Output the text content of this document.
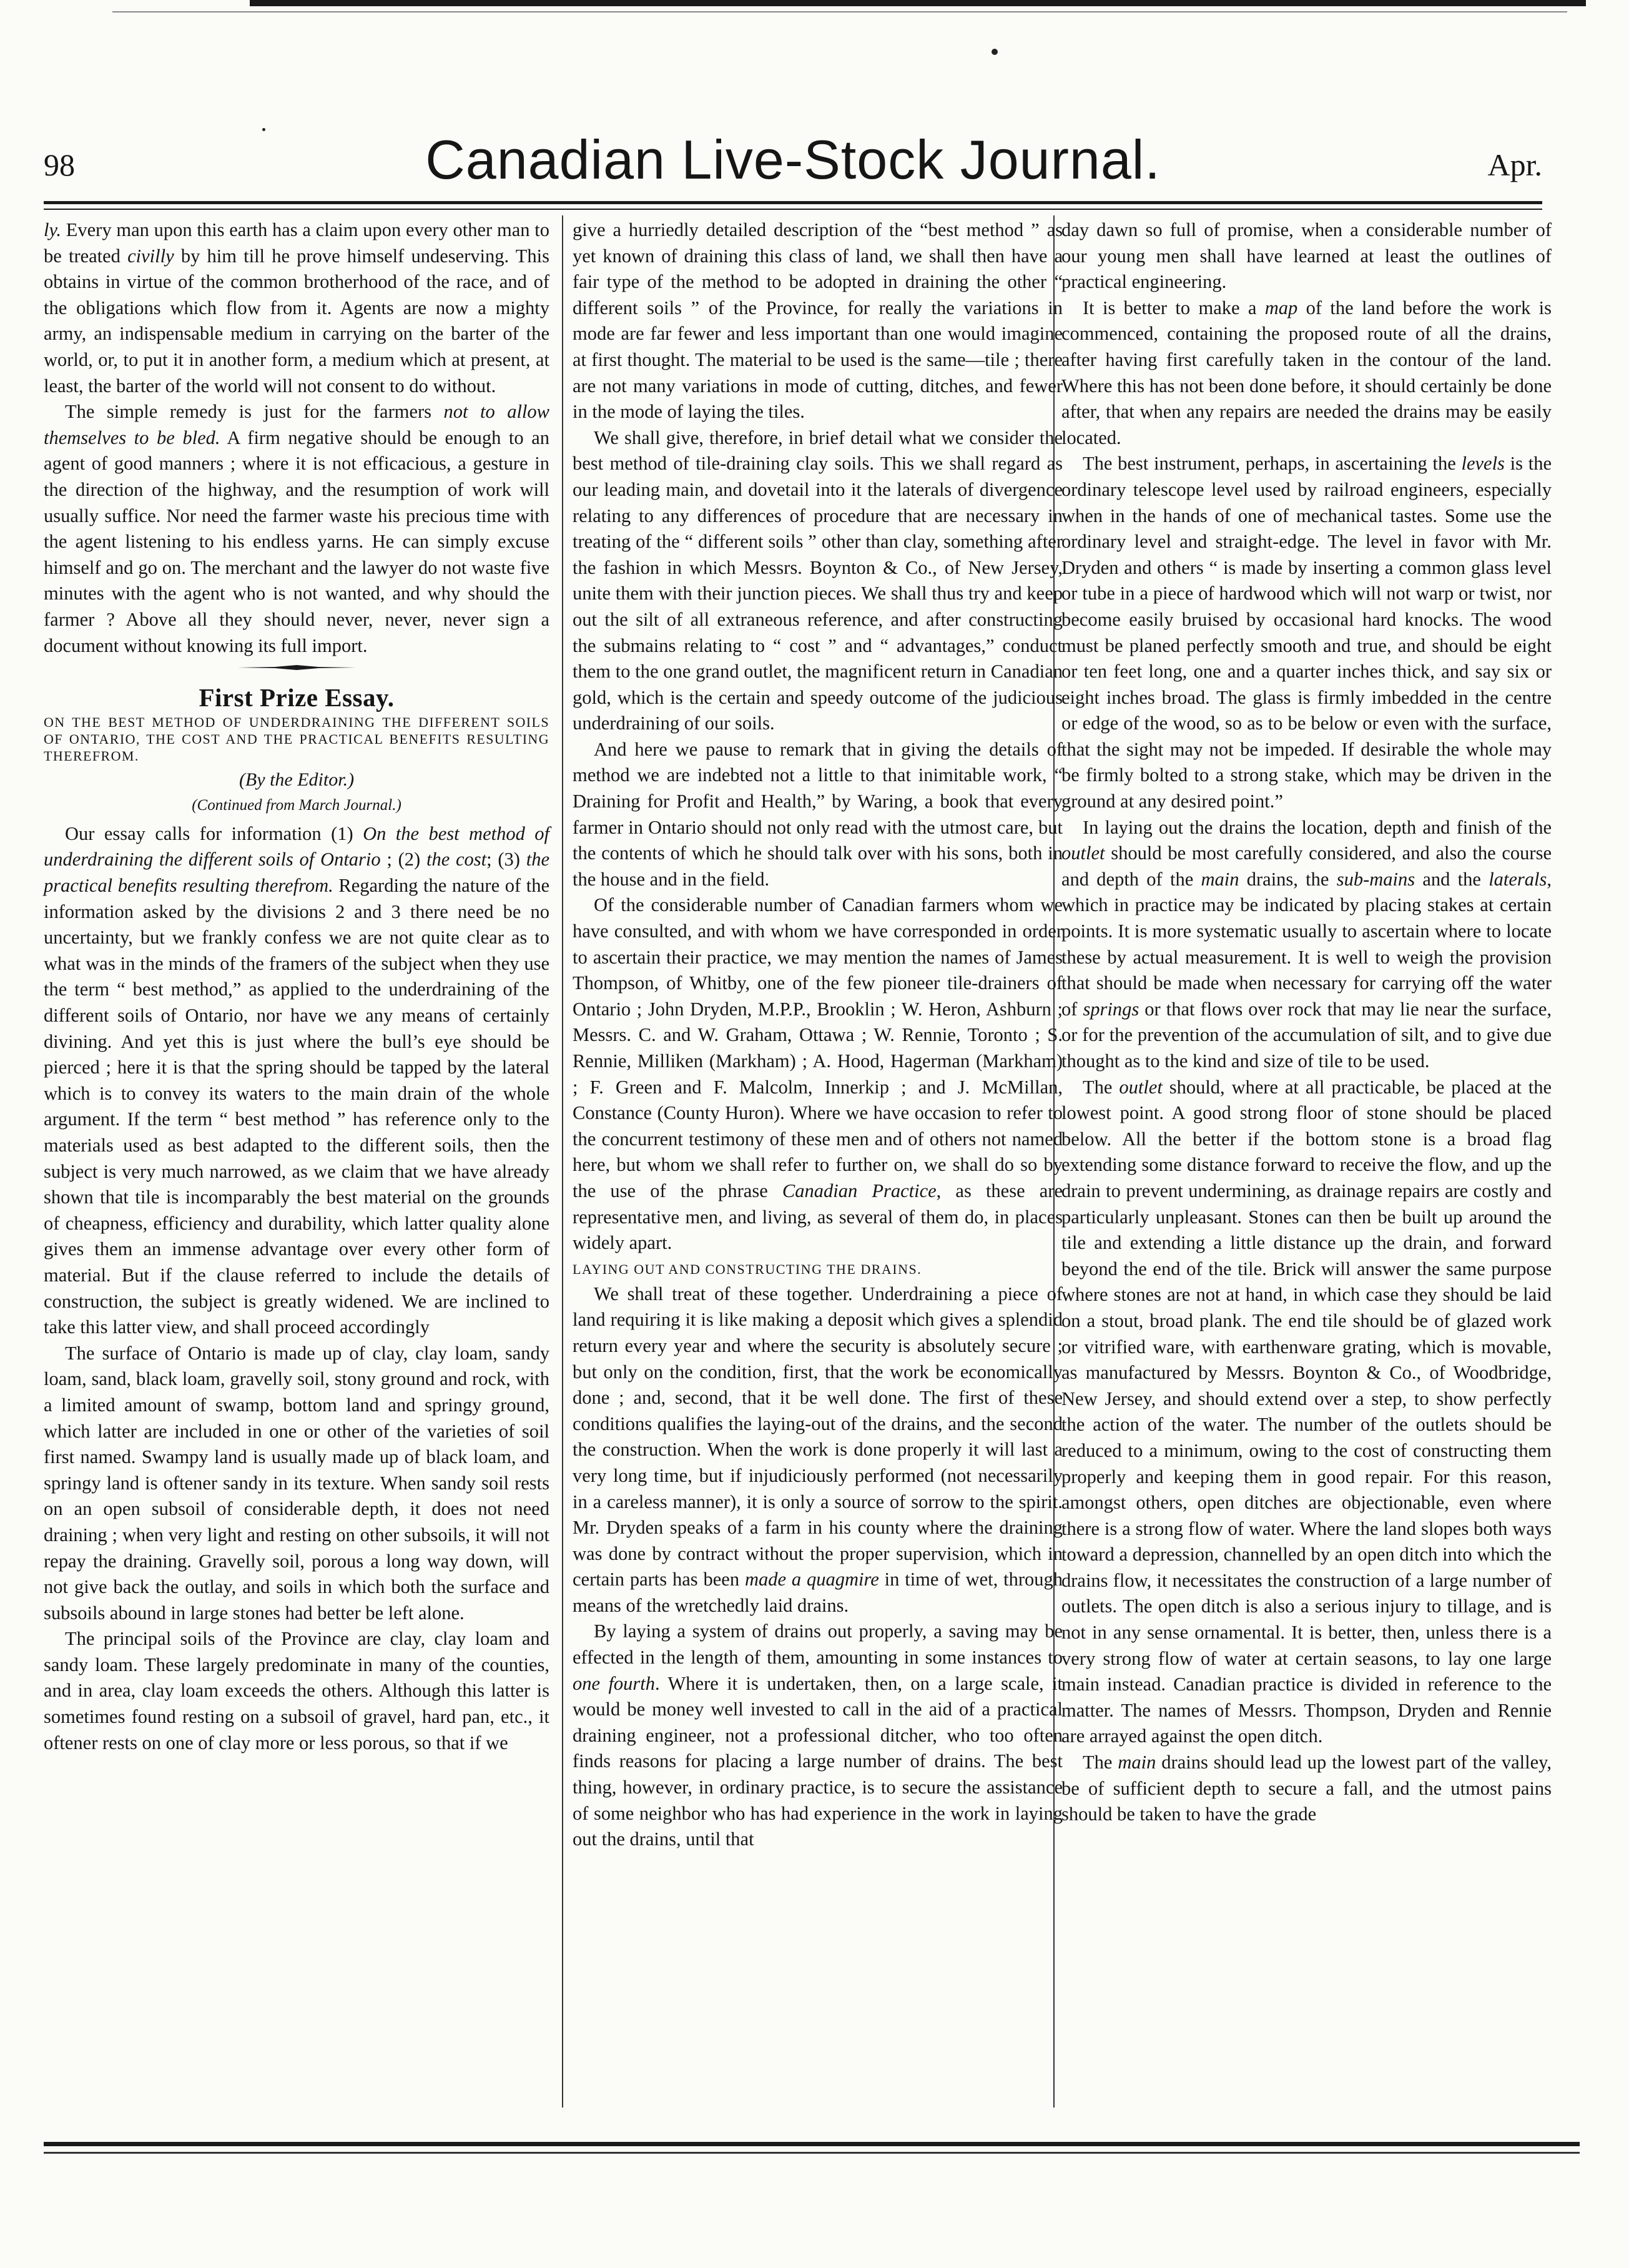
98	Canadian Live-Stock Journal.	Apr.

ly. Every man upon this earth has a claim upon every other man to be treated civilly by him till he prove himself undeserving. This obtains in virtue of the common brotherhood of the race, and of the obligations which flow from it. Agents are now a mighty army, an indispensable medium in carrying on the barter of the world, or, to put it in another form, a medium which at present, at least, the barter of the world will not consent to do without.

The simple remedy is just for the farmers not to allow themselves to be bled. A firm negative should be enough to an agent of good manners ; where it is not efficacious, a gesture in the direction of the highway, and the resumption of work will usually suffice. Nor need the farmer waste his precious time with the agent listening to his endless yarns. He can simply excuse himself and go on. The merchant and the lawyer do not waste five minutes with the agent who is not wanted, and why should the farmer ? Above all they should never, never, never sign a document without knowing its full import.

First Prize Essay.
ON THE BEST METHOD OF UNDERDRAINING THE DIFFERENT SOILS OF ONTARIO, THE COST AND THE PRACTICAL BENEFITS RESULTING THEREFROM.
(By the Editor.)
(Continued from March Journal.)

Our essay calls for information (1) On the best method of underdraining the different soils of Ontario ; (2) the cost; (3) the practical benefits resulting therefrom. Regarding the nature of the information asked by the divisions 2 and 3 there need be no uncertainty, but we frankly confess we are not quite clear as to what was in the minds of the framers of the subject when they use the term “ best method,” as applied to the underdraining of the different soils of Ontario, nor have we any means of certainly divining. And yet this is just where the bull’s eye should be pierced ; here it is that the spring should be tapped by the lateral which is to convey its waters to the main drain of the whole argument. If the term “ best method ” has reference only to the materials used as best adapted to the different soils, then the subject is very much narrowed, as we claim that we have already shown that tile is incomparably the best material on the grounds of cheapness, efficiency and durability, which latter quality alone gives them an immense advantage over every other form of material. But if the clause referred to include the details of construction, the subject is greatly widened. We are inclined to take this latter view, and shall proceed accordingly

The surface of Ontario is made up of clay, clay loam, sandy loam, sand, black loam, gravelly soil, stony ground and rock, with a limited amount of swamp, bottom land and springy ground, which latter are included in one or other of the varieties of soil first named. Swampy land is usually made up of black loam, and springy land is oftener sandy in its texture. When sandy soil rests on an open subsoil of considerable depth, it does not need draining ; when very light and resting on other subsoils, it will not repay the draining. Gravelly soil, porous a long way down, will not give back the outlay, and soils in which both the surface and subsoils abound in large stones had better be left alone.

The principal soils of the Province are clay, clay loam and sandy loam. These largely predominate in many of the counties, and in area, clay loam exceeds the others. Although this latter is sometimes found resting on a subsoil of gravel, hard pan, etc., it oftener rests on one of clay more or less porous, so that if we

give a hurriedly detailed description of the “best method ” as yet known of draining this class of land, we shall then have a fair type of the method to be adopted in draining the other “ different soils ” of the Province, for really the variations in mode are far fewer and less important than one would imagine at first thought. The material to be used is the same—tile ; there are not many variations in mode of cutting, ditches, and fewer in the mode of laying the tiles.

We shall give, therefore, in brief detail what we consider the best method of tile-draining clay soils. This we shall regard as our leading main, and dovetail into it the laterals of divergence relating to any differences of procedure that are necessary in treating of the “ different soils ” other than clay, something after the fashion in which Messrs. Boynton & Co., of New Jersey, unite them with their junction pieces. We shall thus try and keep out the silt of all extraneous reference, and after constructing the submains relating to “ cost ” and “ advantages,” conduct them to the one grand outlet, the magnificent return in Canadian gold, which is the certain and speedy outcome of the judicious underdraining of our soils.

And here we pause to remark that in giving the details of method we are indebted not a little to that inimitable work, “ Draining for Profit and Health,” by Waring, a book that every farmer in Ontario should not only read with the utmost care, but the contents of which he should talk over with his sons, both in the house and in the field.

Of the considerable number of Canadian farmers whom we have consulted, and with whom we have corresponded in order to ascertain their practice, we may mention the names of James Thompson, of Whitby, one of the few pioneer tile-drainers of Ontario ; John Dryden, M.P.P., Brooklin ; W. Heron, Ashburn ; Messrs. C. and W. Graham, Ottawa ; W. Rennie, Toronto ; S. Rennie, Milliken (Markham) ; A. Hood, Hagerman (Markham) ; F. Green and F. Malcolm, Innerkip ; and J. McMillan, Constance (County Huron). Where we have occasion to refer to the concurrent testimony of these men and of others not named here, but whom we shall refer to further on, we shall do so by the use of the phrase Canadian Practice, as these are representative men, and living, as several of them do, in places widely apart.

LAYING OUT AND CONSTRUCTING THE DRAINS.

We shall treat of these together. Underdraining a piece of land requiring it is like making a deposit which gives a splendid return every year and where the security is absolutely secure ; but only on the condition, first, that the work be economically done ; and, second, that it be well done. The first of these conditions qualifies the laying-out of the drains, and the second the construction. When the work is done properly it will last a very long time, but if injudiciously performed (not necessarily in a careless manner), it is only a source of sorrow to the spirit. Mr. Dryden speaks of a farm in his county where the draining was done by contract without the proper supervision, which in certain parts has been made a quagmire in time of wet, through means of the wretchedly laid drains.

By laying a system of drains out properly, a saving may be effected in the length of them, amounting in some instances to one fourth. Where it is undertaken, then, on a large scale, it would be money well invested to call in the aid of a practical draining engineer, not a professional ditcher, who too often finds reasons for placing a large number of drains. The best thing, however, in ordinary practice, is to secure the assistance of some neighbor who has had experience in the work in laying out the drains, until that

day dawn so full of promise, when a considerable number of our young men shall have learned at least the outlines of practical engineering.

It is better to make a map of the land before the work is commenced, containing the proposed route of all the drains, after having first carefully taken in the contour of the land. Where this has not been done before, it should certainly be done after, that when any repairs are needed the drains may be easily located.

The best instrument, perhaps, in ascertaining the levels is the ordinary telescope level used by railroad engineers, especially when in the hands of one of mechanical tastes. Some use the ordinary level and straight-edge. The level in favor with Mr. Dryden and others “ is made by inserting a common glass level or tube in a piece of hardwood which will not warp or twist, nor become easily bruised by occasional hard knocks. The wood must be planed perfectly smooth and true, and should be eight or ten feet long, one and a quarter inches thick, and say six or eight inches broad. The glass is firmly imbedded in the centre or edge of the wood, so as to be below or even with the surface, that the sight may not be impeded. If desirable the whole may be firmly bolted to a strong stake, which may be driven in the ground at any desired point.”

In laying out the drains the location, depth and finish of the outlet should be most carefully considered, and also the course and depth of the main drains, the sub-mains and the laterals, which in practice may be indicated by placing stakes at certain points. It is more systematic usually to ascertain where to locate these by actual measurement. It is well to weigh the provision that should be made when necessary for carrying off the water of springs or that flows over rock that may lie near the surface, or for the prevention of the accumulation of silt, and to give due thought as to the kind and size of tile to be used.

The outlet should, where at all practicable, be placed at the lowest point. A good strong floor of stone should be placed below. All the better if the bottom stone is a broad flag extending some distance forward to receive the flow, and up the drain to prevent undermining, as drainage repairs are costly and particularly unpleasant. Stones can then be built up around the tile and extending a little distance up the drain, and forward beyond the end of the tile. Brick will answer the same purpose where stones are not at hand, in which case they should be laid on a stout, broad plank. The end tile should be of glazed work or vitrified ware, with earthenware grating, which is movable, as manufactured by Messrs. Boynton & Co., of Woodbridge, New Jersey, and should extend over a step, to show perfectly the action of the water. The number of the outlets should be reduced to a minimum, owing to the cost of constructing them properly and keeping them in good repair. For this reason, amongst others, open ditches are objectionable, even where there is a strong flow of water. Where the land slopes both ways toward a depression, channelled by an open ditch into which the drains flow, it necessitates the construction of a large number of outlets. The open ditch is also a serious injury to tillage, and is not in any sense ornamental. It is better, then, unless there is a very strong flow of water at certain seasons, to lay one large main instead. Canadian practice is divided in reference to the matter. The names of Messrs. Thompson, Dryden and Rennie are arrayed against the open ditch.

The main drains should lead up the lowest part of the valley, be of sufficient depth to secure a fall, and the utmost pains should be taken to have the grade
